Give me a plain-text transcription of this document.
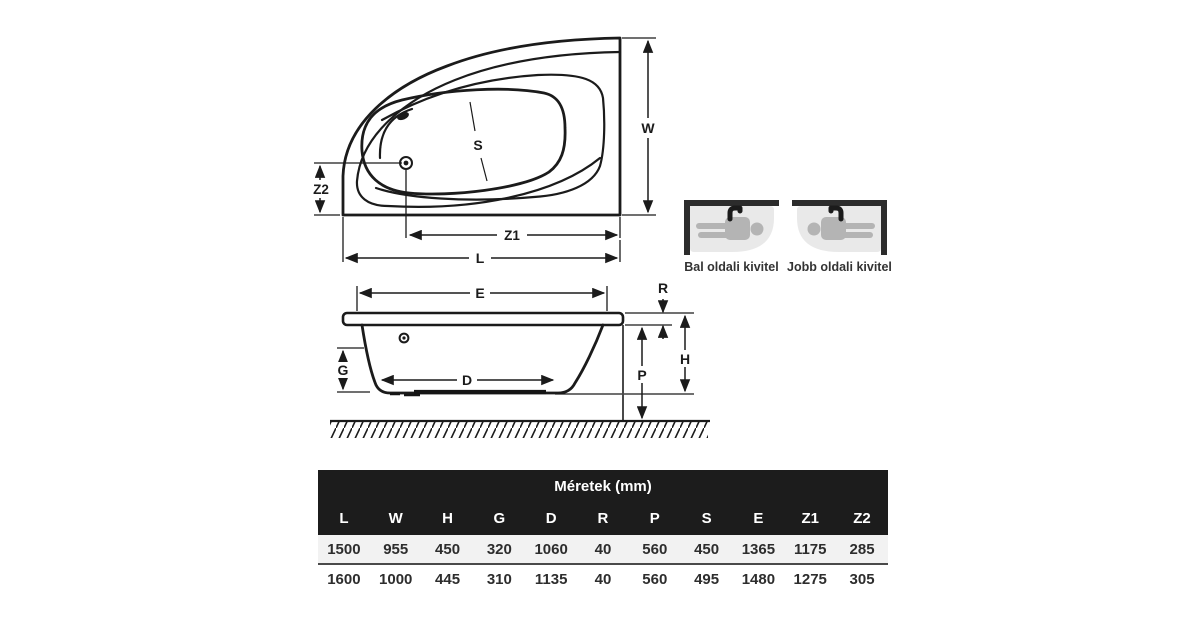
S
W
Z2
Z1
L
E	R
H
P
G
D
Bal oldali kivitel Jobb oldali kivitel
Méretek (mm)
L	W	H	G	D	R	P	S	E	Z1	Z2
1500	955	450	320	1060	40	560	450	1365	1175	285
1600	1000	445	310	1135	40	560	495	1480	1275	305
